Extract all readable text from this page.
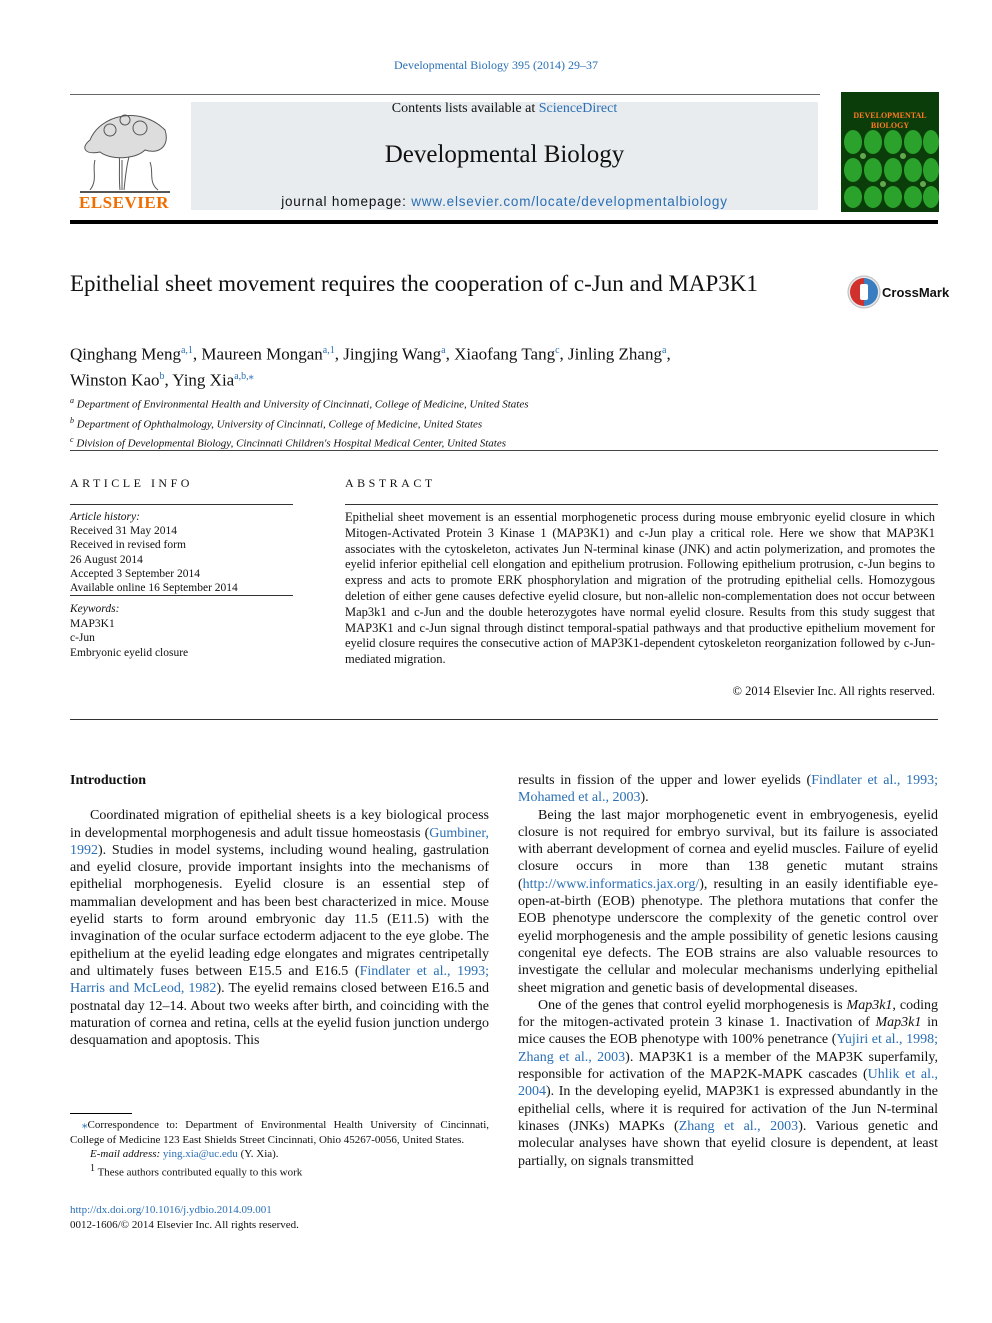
Developmental Biology 395 (2014) 29–37
ELSEVIER
Contents lists available at ScienceDirect
Developmental Biology
journal homepage: www.elsevier.com/locate/developmentalbiology
DEVELOPMENTAL BIOLOGY
Epithelial sheet movement requires the cooperation of c-Jun and MAP3K1	CrossMark
Qinghang Meng$^{a,1}$, Maureen Mongan$^{a,1}$, Jingjing Wang$^a$, Xiaofang Tang$^c$, Jinling Zhang$^a$,
Winston Kao$^b$, Ying Xia$^{a,b,⁎}$
$^a$ Department of Environmental Health and University of Cincinnati, College of Medicine, United States
$^b$ Department of Ophthalmology, University of Cincinnati, College of Medicine, United States
$^c$ Division of Developmental Biology, Cincinnati Children's Hospital Medical Center, United States
ARTICLE INFO	ABSTRACT
Article history:
Received 31 May 2014
Received in revised form
26 August 2014
Accepted 3 September 2014
Available online 16 September 2014
Keywords:
MAP3K1
c-Jun
Embryonic eyelid closure
Epithelial sheet movement is an essential morphogenetic process during mouse embryonic eyelid closure in which Mitogen-Activated Protein 3 Kinase 1 (MAP3K1) and c-Jun play a critical role. Here we show that MAP3K1 associates with the cytoskeleton, activates Jun N-terminal kinase (JNK) and actin polymerization, and promotes the eyelid inferior epithelial cell elongation and epithelium protrusion. Following epithelium protrusion, c-Jun begins to express and acts to promote ERK phosphorylation and migration of the protruding epithelial cells. Homozygous deletion of either gene causes defective eyelid closure, but non-allelic non-complementation does not occur between Map3k1 and c-Jun and the double heterozygotes have normal eyelid closure. Results from this study suggest that MAP3K1 and c-Jun signal through distinct temporal-spatial pathways and that productive epithelium movement for eyelid closure requires the consecutive action of MAP3K1-dependent cytoskeleton reorganization followed by c-Jun-mediated migration.
© 2014 Elsevier Inc. All rights reserved.
Introduction

Coordinated migration of epithelial sheets is a key biological process in developmental morphogenesis and adult tissue homeostasis (Gumbiner, 1992). Studies in model systems, including wound healing, gastrulation and eyelid closure, provide important insights into the mechanisms of epithelial morphogenesis. Eyelid closure is an essential step of mammalian development and has been best characterized in mice. Mouse eyelid starts to form around embryonic day 11.5 (E11.5) with the invagination of the ocular surface ectoderm adjacent to the eye globe. The epithelium at the eyelid leading edge elongates and migrates centripetally and ultimately fuses between E15.5 and E16.5 (Findlater et al., 1993; Harris and McLeod, 1982). The eyelid remains closed between E16.5 and postnatal day 12–14. About two weeks after birth, and coinciding with the maturation of cornea and retina, cells at the eyelid fusion junction undergo desquamation and apoptosis. This

results in fission of the upper and lower eyelids (Findlater et al., 1993; Mohamed et al., 2003).

Being the last major morphogenetic event in embryogenesis, eyelid closure is not required for embryo survival, but its failure is associated with aberrant development of cornea and eyelid muscles. Failure of eyelid closure occurs in more than 138 genetic mutant strains (http://www.informatics.jax.org/), resulting in an easily identifiable eye-open-at-birth (EOB) phenotype. The plethora mutations that confer the EOB phenotype underscore the complexity of the genetic control over eyelid morphogenesis and the ample possibility of genetic lesions causing congenital eye defects. The EOB strains are also valuable resources to investigate the cellular and molecular mechanisms underlying epithelial sheet migration and genetic basis of developmental diseases.

One of the genes that control eyelid morphogenesis is Map3k1, coding for the mitogen-activated protein 3 kinase 1. Inactivation of Map3k1 in mice causes the EOB phenotype with 100% penetrance (Yujiri et al., 1998; Zhang et al., 2003). MAP3K1 is a member of the MAP3K superfamily, responsible for activation of the MAP2K-MAPK cascades (Uhlik et al., 2004). In the developing eyelid, MAP3K1 is expressed abundantly in the epithelial cells, where it is required for activation of the Jun N-terminal kinases (JNKs) MAPKs (Zhang et al., 2003). Various genetic and molecular analyses have shown that eyelid closure is dependent, at least partially, on signals transmitted

⁎Correspondence to: Department of Environmental Health University of Cincinnati, College of Medicine 123 East Shields Street Cincinnati, Ohio 45267-0056, United States.
E-mail address: ying.xia@uc.edu (Y. Xia).
$^1$ These authors contributed equally to this work
http://dx.doi.org/10.1016/j.ydbio.2014.09.001
0012-1606/© 2014 Elsevier Inc. All rights reserved.
